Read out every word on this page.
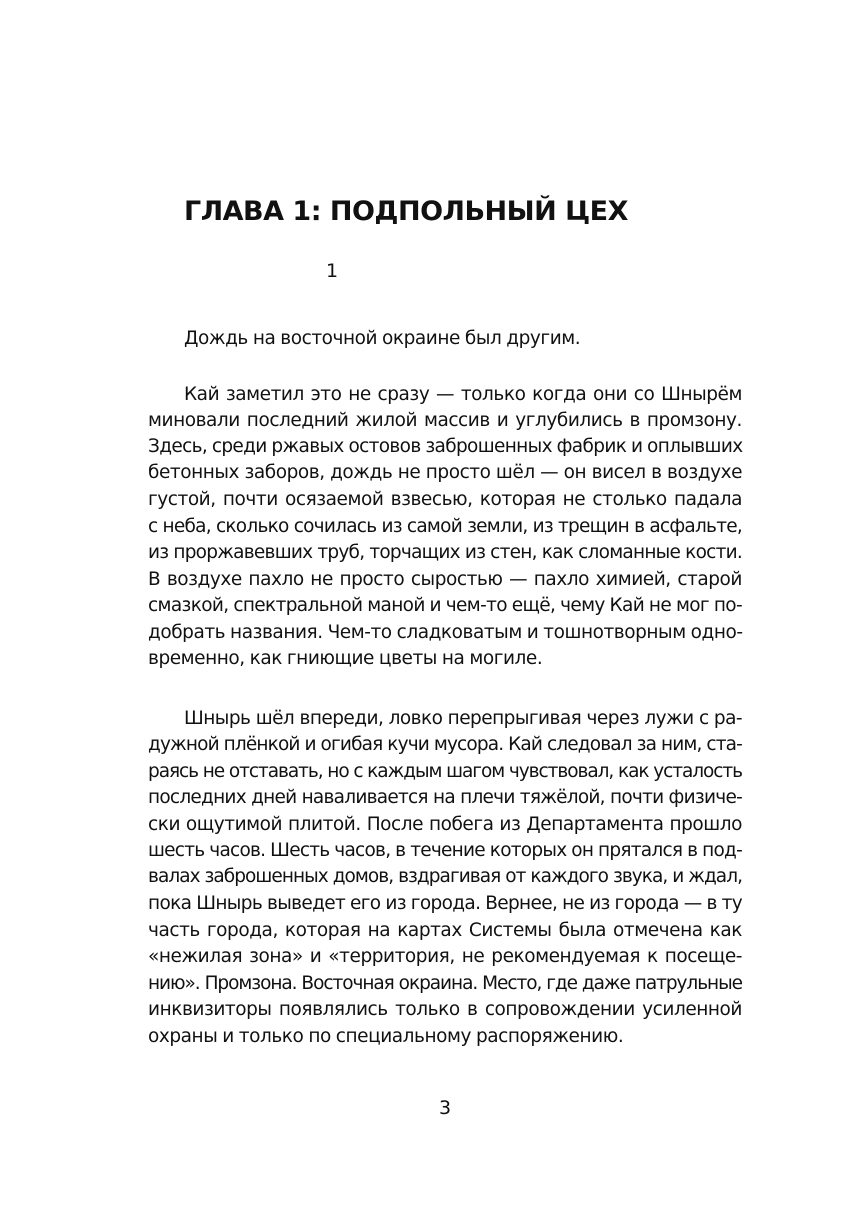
ГЛАВА 1: ПОДПОЛЬНЫЙ ЦЕХ
1
Дождь на восточной окраине был другим.
Кай заметил это не сразу — только когда они со Шнырём
миновали последний жилой массив и углубились в промзону.
Здесь, среди ржавых остовов заброшенных фабрик и оплывших
бетонных заборов, дождь не просто шёл — он висел в воздухе
густой, почти осязаемой взвесью, которая не столько падала
с неба, сколько сочилась из самой земли, из трещин в асфальте,
из проржавевших труб, торчащих из стен, как сломанные кости.
В воздухе пахло не просто сыростью — пахло химией, старой
смазкой, спектральной маной и чем-то ещё, чему Кай не мог по-
добрать названия. Чем-то сладковатым и тошнотворным одно-
временно, как гниющие цветы на могиле.
Шнырь шёл впереди, ловко перепрыгивая через лужи с ра-
дужной плёнкой и огибая кучи мусора. Кай следовал за ним, ста-
раясь не отставать, но с каждым шагом чувствовал, как усталость
последних дней наваливается на плечи тяжёлой, почти физиче-
ски ощутимой плитой. После побега из Департамента прошло
шесть часов. Шесть часов, в течение которых он прятался в под-
валах заброшенных домов, вздрагивая от каждого звука, и ждал,
пока Шнырь выведет его из города. Вернее, не из города — в ту
часть города, которая на картах Системы была отмечена как
«нежилая зона» и «территория, не рекомендуемая к посеще-
нию». Промзона. Восточная окраина. Место, где даже патрульные
инквизиторы появлялись только в сопровождении усиленной
охраны и только по специальному распоряжению.
3
